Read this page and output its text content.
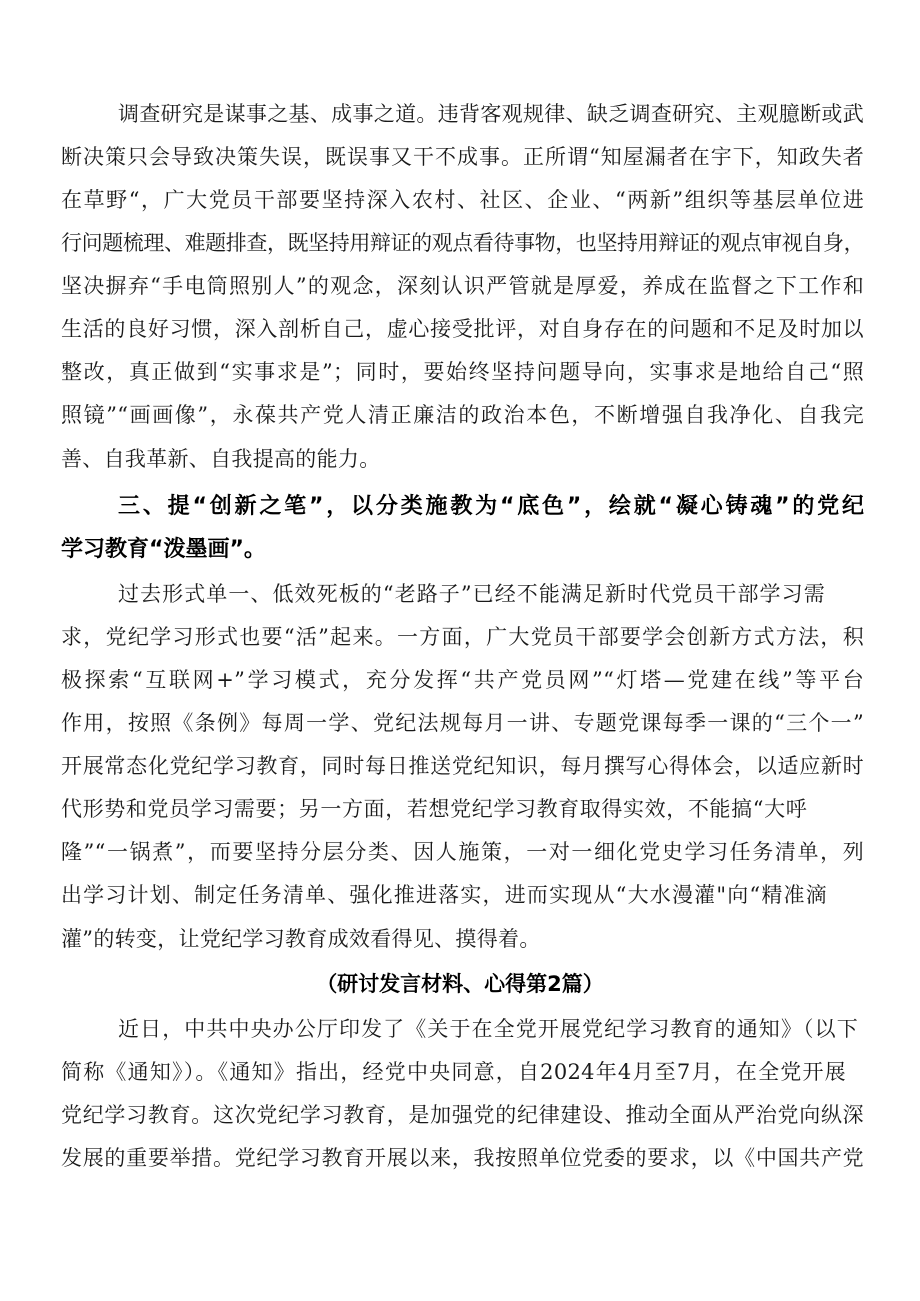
调查研究是谋事之基、成事之道。违背客观规律、缺乏调查研究、主观臆断或武
断决策只会导致决策失误，既误事又干不成事。正所谓“知屋漏者在宇下，知政失者
在草野“，广大党员干部要坚持深入农村、社区、企业、“两新”组织等基层单位进
行问题梳理、难题排查，既坚持用辩证的观点看待事物，也坚持用辩证的观点审视自身，
坚决摒弃“手电筒照别人”的观念，深刻认识严管就是厚爱，养成在监督之下工作和
生活的良好习惯，深入剖析自己，虚心接受批评，对自身存在的问题和不足及时加以
整改，真正做到“实事求是”；同时，要始终坚持问题导向，实事求是地给自己“照
照镜”“画画像”，永葆共产党人清正廉洁的政治本色，不断增强自我净化、自我完
善、自我革新、自我提高的能力。
三、提“创新之笔”，以分类施教为“底色”，绘就“凝心铸魂”的党纪
学习教育“泼墨画”。
过去形式单一、低效死板的“老路子”已经不能满足新时代党员干部学习需
求，党纪学习形式也要“活”起来。一方面，广大党员干部要学会创新方式方法，积
极探索“互联网+”学习模式，充分发挥“共产党员网”“灯塔—党建在线”等平台
作用，按照《条例》每周一学、党纪法规每月一讲、专题党课每季一课的“三个一”
开展常态化党纪学习教育，同时每日推送党纪知识，每月撰写心得体会，以适应新时
代形势和党员学习需要；另一方面，若想党纪学习教育取得实效，不能搞“大呼
隆”“一锅煮”，而要坚持分层分类、因人施策，一对一细化党史学习任务清单，列
出学习计划、制定任务清单、强化推进落实，进而实现从“大水漫灌"向“精准滴
灌”的转变，让党纪学习教育成效看得见、摸得着。
（研讨发言材料、心得第2篇）
近日，中共中央办公厅印发了《关于在全党开展党纪学习教育的通知》（以下
简称《通知》）。《通知》指出，经党中央同意，自2024年4月至7月，在全党开展
党纪学习教育。这次党纪学习教育，是加强党的纪律建设、推动全面从严治党向纵深
发展的重要举措。党纪学习教育开展以来，我按照单位党委的要求，以《中国共产党
